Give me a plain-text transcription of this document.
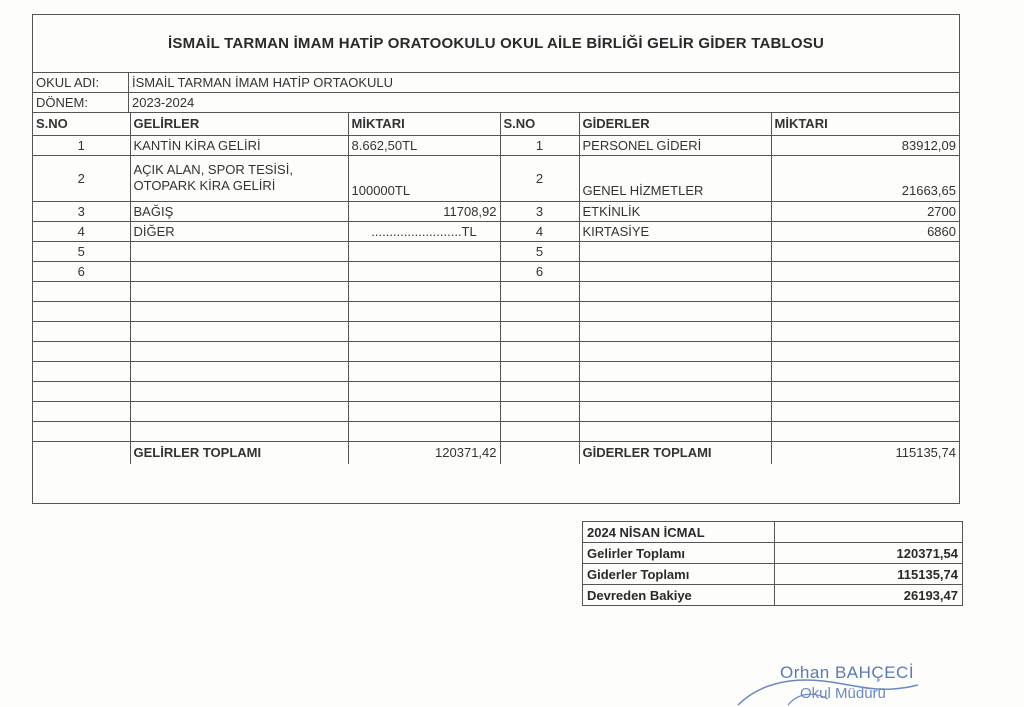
İSMAİL TARMAN İMAM HATİP ORATOOKULU OKUL AİLE BİRLİĞİ GELİR GİDER TABLOSU
OKUL ADI:	İSMAİL TARMAN İMAM HATİP ORTAOKULU
DÖNEM:	2023-2024
S.NO	GELİRLER	MİKTARI	S.NO	GİDERLER	MİKTARI
1	KANTİN KİRA GELİRİ	8.662,50TL	1	PERSONEL GİDERİ	83912,09
2	AÇIK ALAN, SPOR TESİSİ,
OTOPARK KİRA GELİRİ	100000TL	2	GENEL HİZMETLER	21663,65
3	BAĞIŞ	11708,92	3	ETKİNLİK	2700
4	DİĞER	.........................TL	4	KIRTASİYE	6860
5			5		
6			6		

	GELİRLER TOPLAMI	120371,42		GİDERLER TOPLAMI	115135,74
2024 NİSAN İCMAL	
Gelirler Toplamı	120371,54
Giderler Toplamı	115135,74
Devreden Bakiye	26193,47
Orhan BAHÇECİ
Okul Müdürü
